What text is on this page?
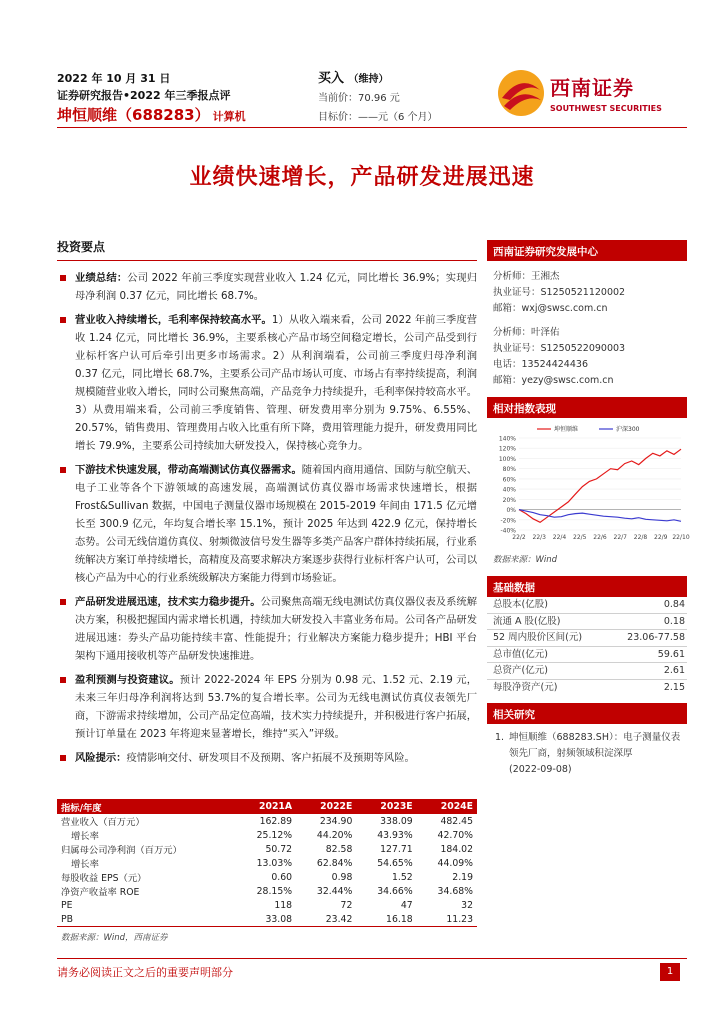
2022 年 10 月 31 日
证券研究报告•2022 年三季报点评
坤恒顺维（688283） 计算机
买入 （维持）
当前价：70.96 元
目标价：——元（6 个月）
西南证券
SOUTHWEST SECURITIES
业绩快速增长，产品研发进展迅速
投资要点
业绩总结：公司 2022 年前三季度实现营业收入 1.24 亿元，同比增长 36.9%；实现归母净利润 0.37 亿元，同比增长 68.7%。
营业收入持续增长，毛利率保持较高水平。1）从收入端来看，公司 2022 年前三季度营收 1.24 亿元，同比增长 36.9%，主要系核心产品市场空间稳定增长，公司产品受到行业标杆客户认可后牵引出更多市场需求。2）从利润端看，公司前三季度归母净利润 0.37 亿元，同比增长 68.7%，主要系公司产品市场认可度、市场占有率持续提高，利润规模随营业收入增长，同时公司聚焦高端，产品竞争力持续提升，毛利率保持较高水平。3）从费用端来看，公司前三季度销售、管理、研发费用率分别为 9.75%、6.55%、20.57%，销售费用、管理费用占收入比重有所下降，费用管理能力提升，研发费用同比增长 79.9%，主要系公司持续加大研发投入，保持核心竞争力。
下游技术快速发展，带动高端测试仿真仪器需求。随着国内商用通信、国防与航空航天、电子工业等各个下游领域的高速发展，高端测试仿真仪器市场需求快速增长，根据 Frost&Sullivan 数据，中国电子测量仪器市场规模在 2015-2019 年间由 171.5 亿元增长至 300.9 亿元，年均复合增长率 15.1%，预计 2025 年达到 422.9 亿元，保持增长态势。公司无线信道仿真仪、射频微波信号发生器等多类产品客户群体持续拓展，行业系统解决方案订单持续增长，高精度及高要求解决方案逐步获得行业标杆客户认可，公司以核心产品为中心的行业系统级解决方案能力得到市场验证。
产品研发进展迅速，技术实力稳步提升。公司聚焦高端无线电测试仿真仪器仪表及系统解决方案，积极把握国内需求增长机遇，持续加大研发投入丰富业务布局。公司各产品研发进展迅速：券头产品功能持续丰富、性能提升；行业解决方案能力稳步提升；HBI 平台架构下通用接收机等产品研发快速推进。
盈利预测与投资建议。预计 2022-2024 年 EPS 分别为 0.98 元、1.52 元、2.19 元，未来三年归母净利润将达到 53.7%的复合增长率。公司为无线电测试仿真仪表领先厂商，下游需求持续增加，公司产品定位高端，技术实力持续提升，并积极进行客户拓展，预计订单量在 2023 年将迎来显著增长，维持“买入”评级。
风险提示：疫情影响交付、研发项目不及预期、客户拓展不及预期等风险。
指标/年度	2021A	2022E	2023E	2024E
营业收入（百万元）	162.89	234.90	338.09	482.45
增长率	25.12%	44.20%	43.93%	42.70%
归属母公司净利润（百万元）	50.72	82.58	127.71	184.02
增长率	13.03%	62.84%	54.65%	44.09%
每股收益 EPS（元）	0.60	0.98	1.52	2.19
净资产收益率 ROE	28.15%	32.44%	34.66%	34.68%
PE	118	72	47	32
PB	33.08	23.42	16.18	11.23
数据来源：Wind，西南证券				
西南证券研究发展中心
分析师：王湘杰
执业证号：S1250521120002
邮箱：wxj@swsc.com.cn
分析师：叶泽佑
执业证号：S1250522090003
电话：13524424436
邮箱：yezy@swsc.com.cn
相对指数表现
140%
120%
100%
80%
60%
40%
20%
0%
-20%
-40%
22/2 22/3 22/4 22/5 22/6 22/7 22/8 22/9 22/10
坤恒顺维	沪深300
数据来源：Wind
基础数据
总股本(亿股)	0.84
流通 A 股(亿股)	0.18
52 周内股价区间(元)	23.06-77.58
总市值(亿元)	59.61
总资产(亿元)	2.61
每股净资产(元)	2.15
相关研究
1. 坤恒顺维（688283.SH）：电子测量仪表领先厂商，射频领域积淀深厚
(2022-09-08)
请务必阅读正文之后的重要声明部分	1
